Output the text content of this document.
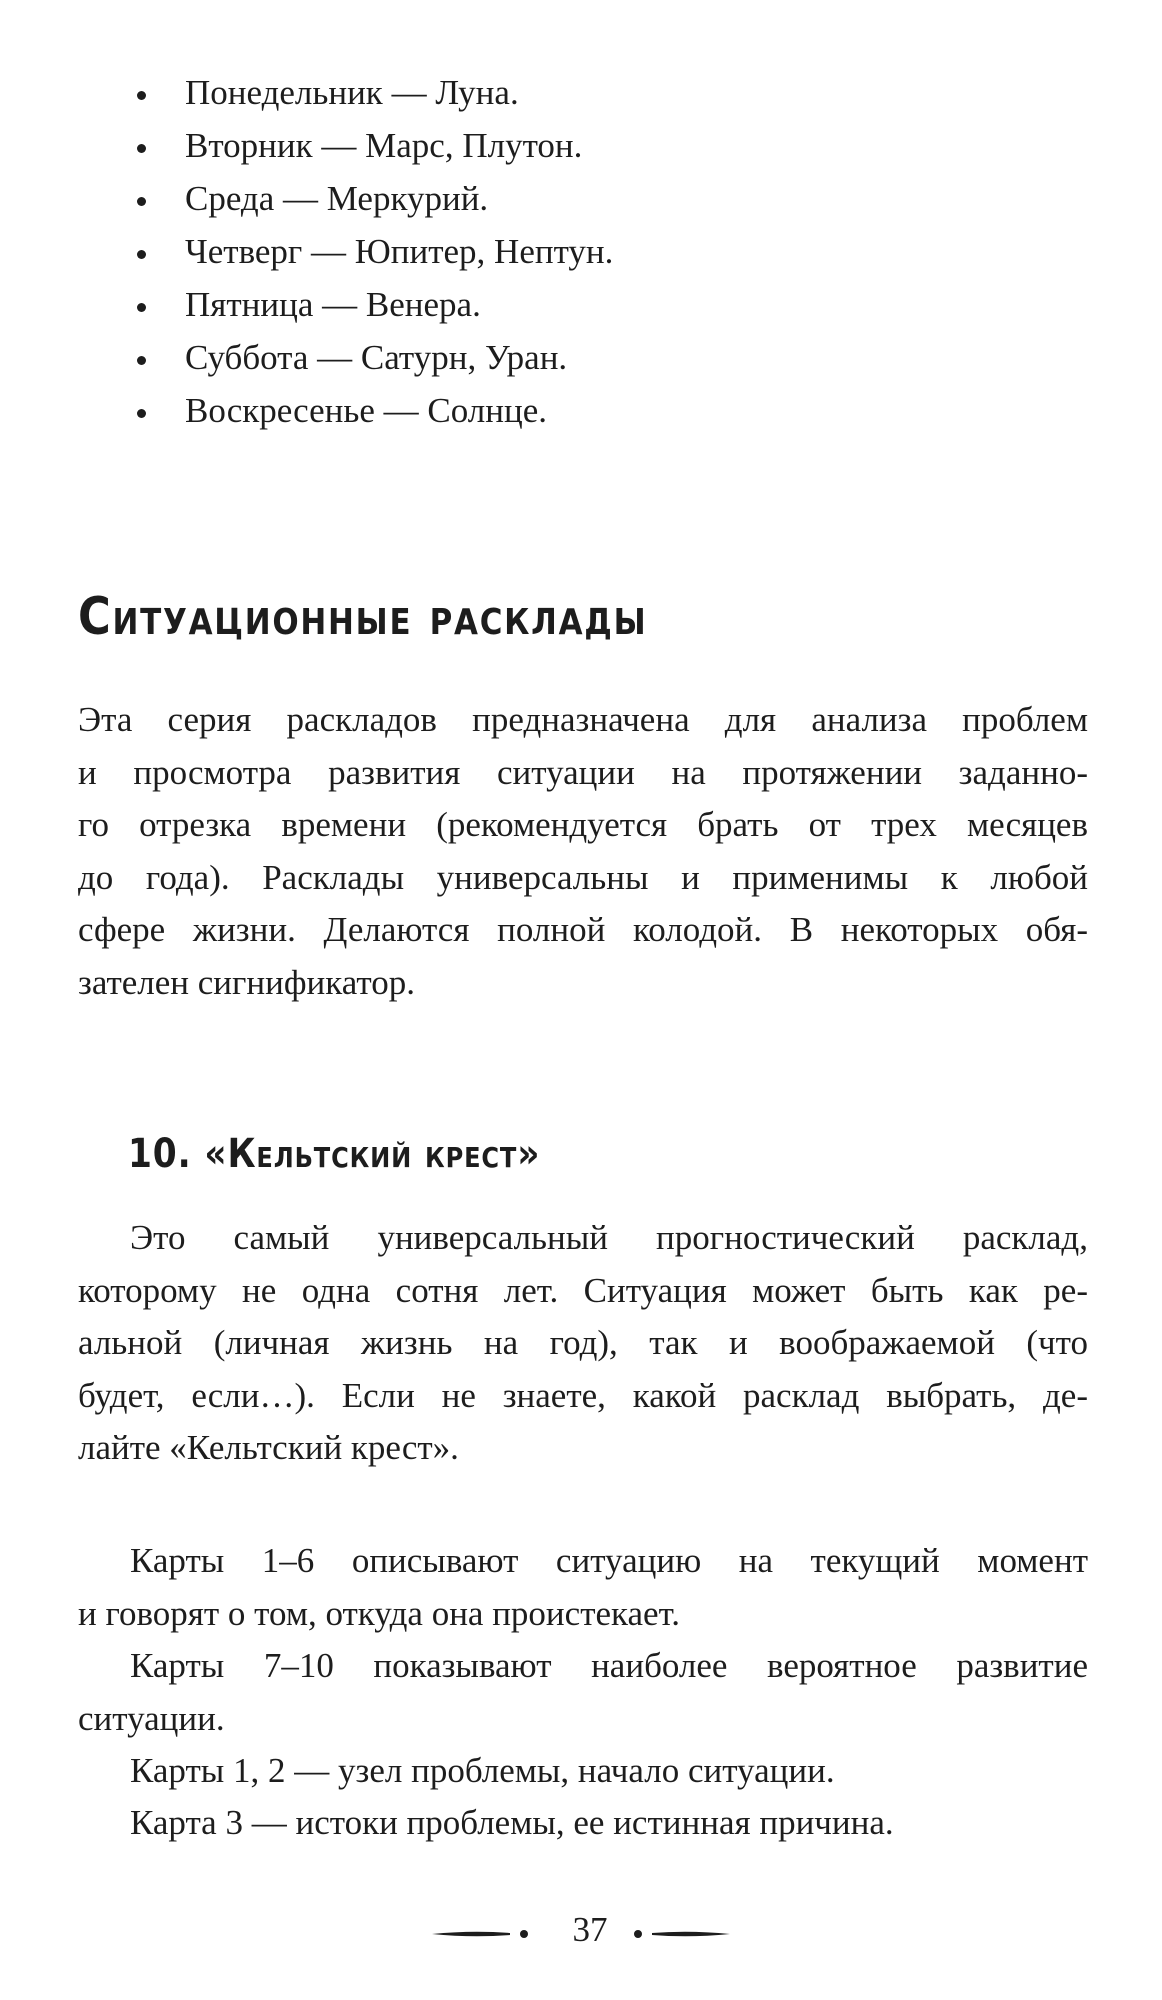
Понедельник — Луна.
Вторник — Марс, Плутон.
Среда — Меркурий.
Четверг — Юпитер, Нептун.
Пятница — Венера.
Суббота — Сатурн, Уран.
Воскресенье — Солнце.
Ситуационные расклады

Эта серия раскладов предназначена для анализа проблем
и просмотра развития ситуации на протяжении заданно-
го отрезка времени (рекомендуется брать от трех месяцев
до года). Расклады универсальны и применимы к любой
сфере жизни. Делаются полной колодой. В некоторых обя-
зателен сигнификатор.

10. «Кельтский крест»

Это самый универсальный прогностический расклад,
которому не одна сотня лет. Ситуация может быть как ре-
альной (личная жизнь на год), так и воображаемой (что
будет, если…). Если не знаете, какой расклад выбрать, де-
лайте «Кельтский крест».

Карты 1–6 описывают ситуацию на текущий момент
и говорят о том, откуда она проистекает.

Карты 7–10 показывают наиболее вероятное развитие
ситуации.

Карты 1, 2 — узел проблемы, начало ситуации.

Карта 3 — истоки проблемы, ее истинная причина.

37
